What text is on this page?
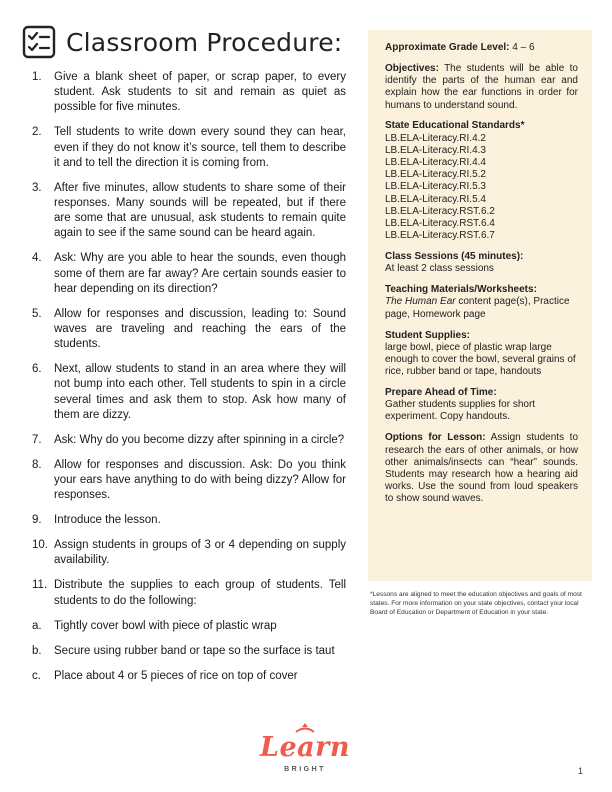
Classroom Procedure:
1.	Give a blank sheet of paper, or scrap paper, to every student. Ask students to sit and remain as quiet as possible for five minutes.
2.	Tell students to write down every sound they can hear, even if they do not know it’s source, tell them to describe it and to tell the direction it is coming from.
3.	After five minutes, allow students to share some of their responses. Many sounds will be repeated, but if there are some that are unusual, ask students to remain quite again to see if the same sound can be heard again.
4.	Ask: Why are you able to hear the sounds, even though some of them are far away? Are certain sounds easier to hear depending on its direction?
5.	Allow for responses and discussion, leading to: Sound waves are traveling and reaching the ears of the students.
6.	Next, allow students to stand in an area where they will not bump into each other. Tell students to spin in a circle several times and ask them to stop. Ask how many of them are dizzy.
7.	Ask: Why do you become dizzy after spinning in a circle?
8.	Allow for responses and discussion. Ask: Do you think your ears have anything to do with being dizzy? Allow for responses.
9.	Introduce the lesson.
10. Assign students in groups of 3 or 4 depending on supply availability.
11. Distribute the supplies to each group of students. Tell students to do the following:
a.	Tightly cover bowl with piece of plastic wrap
b.	Secure using rubber band or tape so the surface is taut
c.	Place about 4 or 5 pieces of rice on top of cover
Approximate Grade Level: 4 – 6
Objectives: The students will be able to identify the parts of the human ear and explain how the ear functions in order for humans to understand sound.
State Educational Standards*
LB.ELA-Literacy.RI.4.2
LB.ELA-Literacy.RI.4.3
LB.ELA-Literacy.RI.4.4
LB.ELA-Literacy.RI.5.2
LB.ELA-Literacy.RI.5.3
LB.ELA-Literacy.RI.5.4
LB.ELA-Literacy.RST.6.2
LB.ELA-Literacy.RST.6.4
LB.ELA-Literacy.RST.6.7
Class Sessions (45 minutes):
At least 2 class sessions
Teaching Materials/Worksheets:
The Human Ear content page(s), Practice page, Homework page
Student Supplies:
large bowl, piece of plastic wrap large enough to cover the bowl, several grains of rice, rubber band or tape, handouts
Prepare Ahead of Time:
Gather students supplies for short experiment. Copy handouts.
Options for Lesson: Assign students to research the ears of other animals, or how other animals/insects can “hear” sounds. Students may research how a hearing aid works. Use the sound from loud speakers to show sound waves.
*Lessons are aligned to meet the education objectives and goals of most states. For more information on your state objectives, contact your local Board of Education or Department of Education in your state.
Learn
BRIGHT	1
